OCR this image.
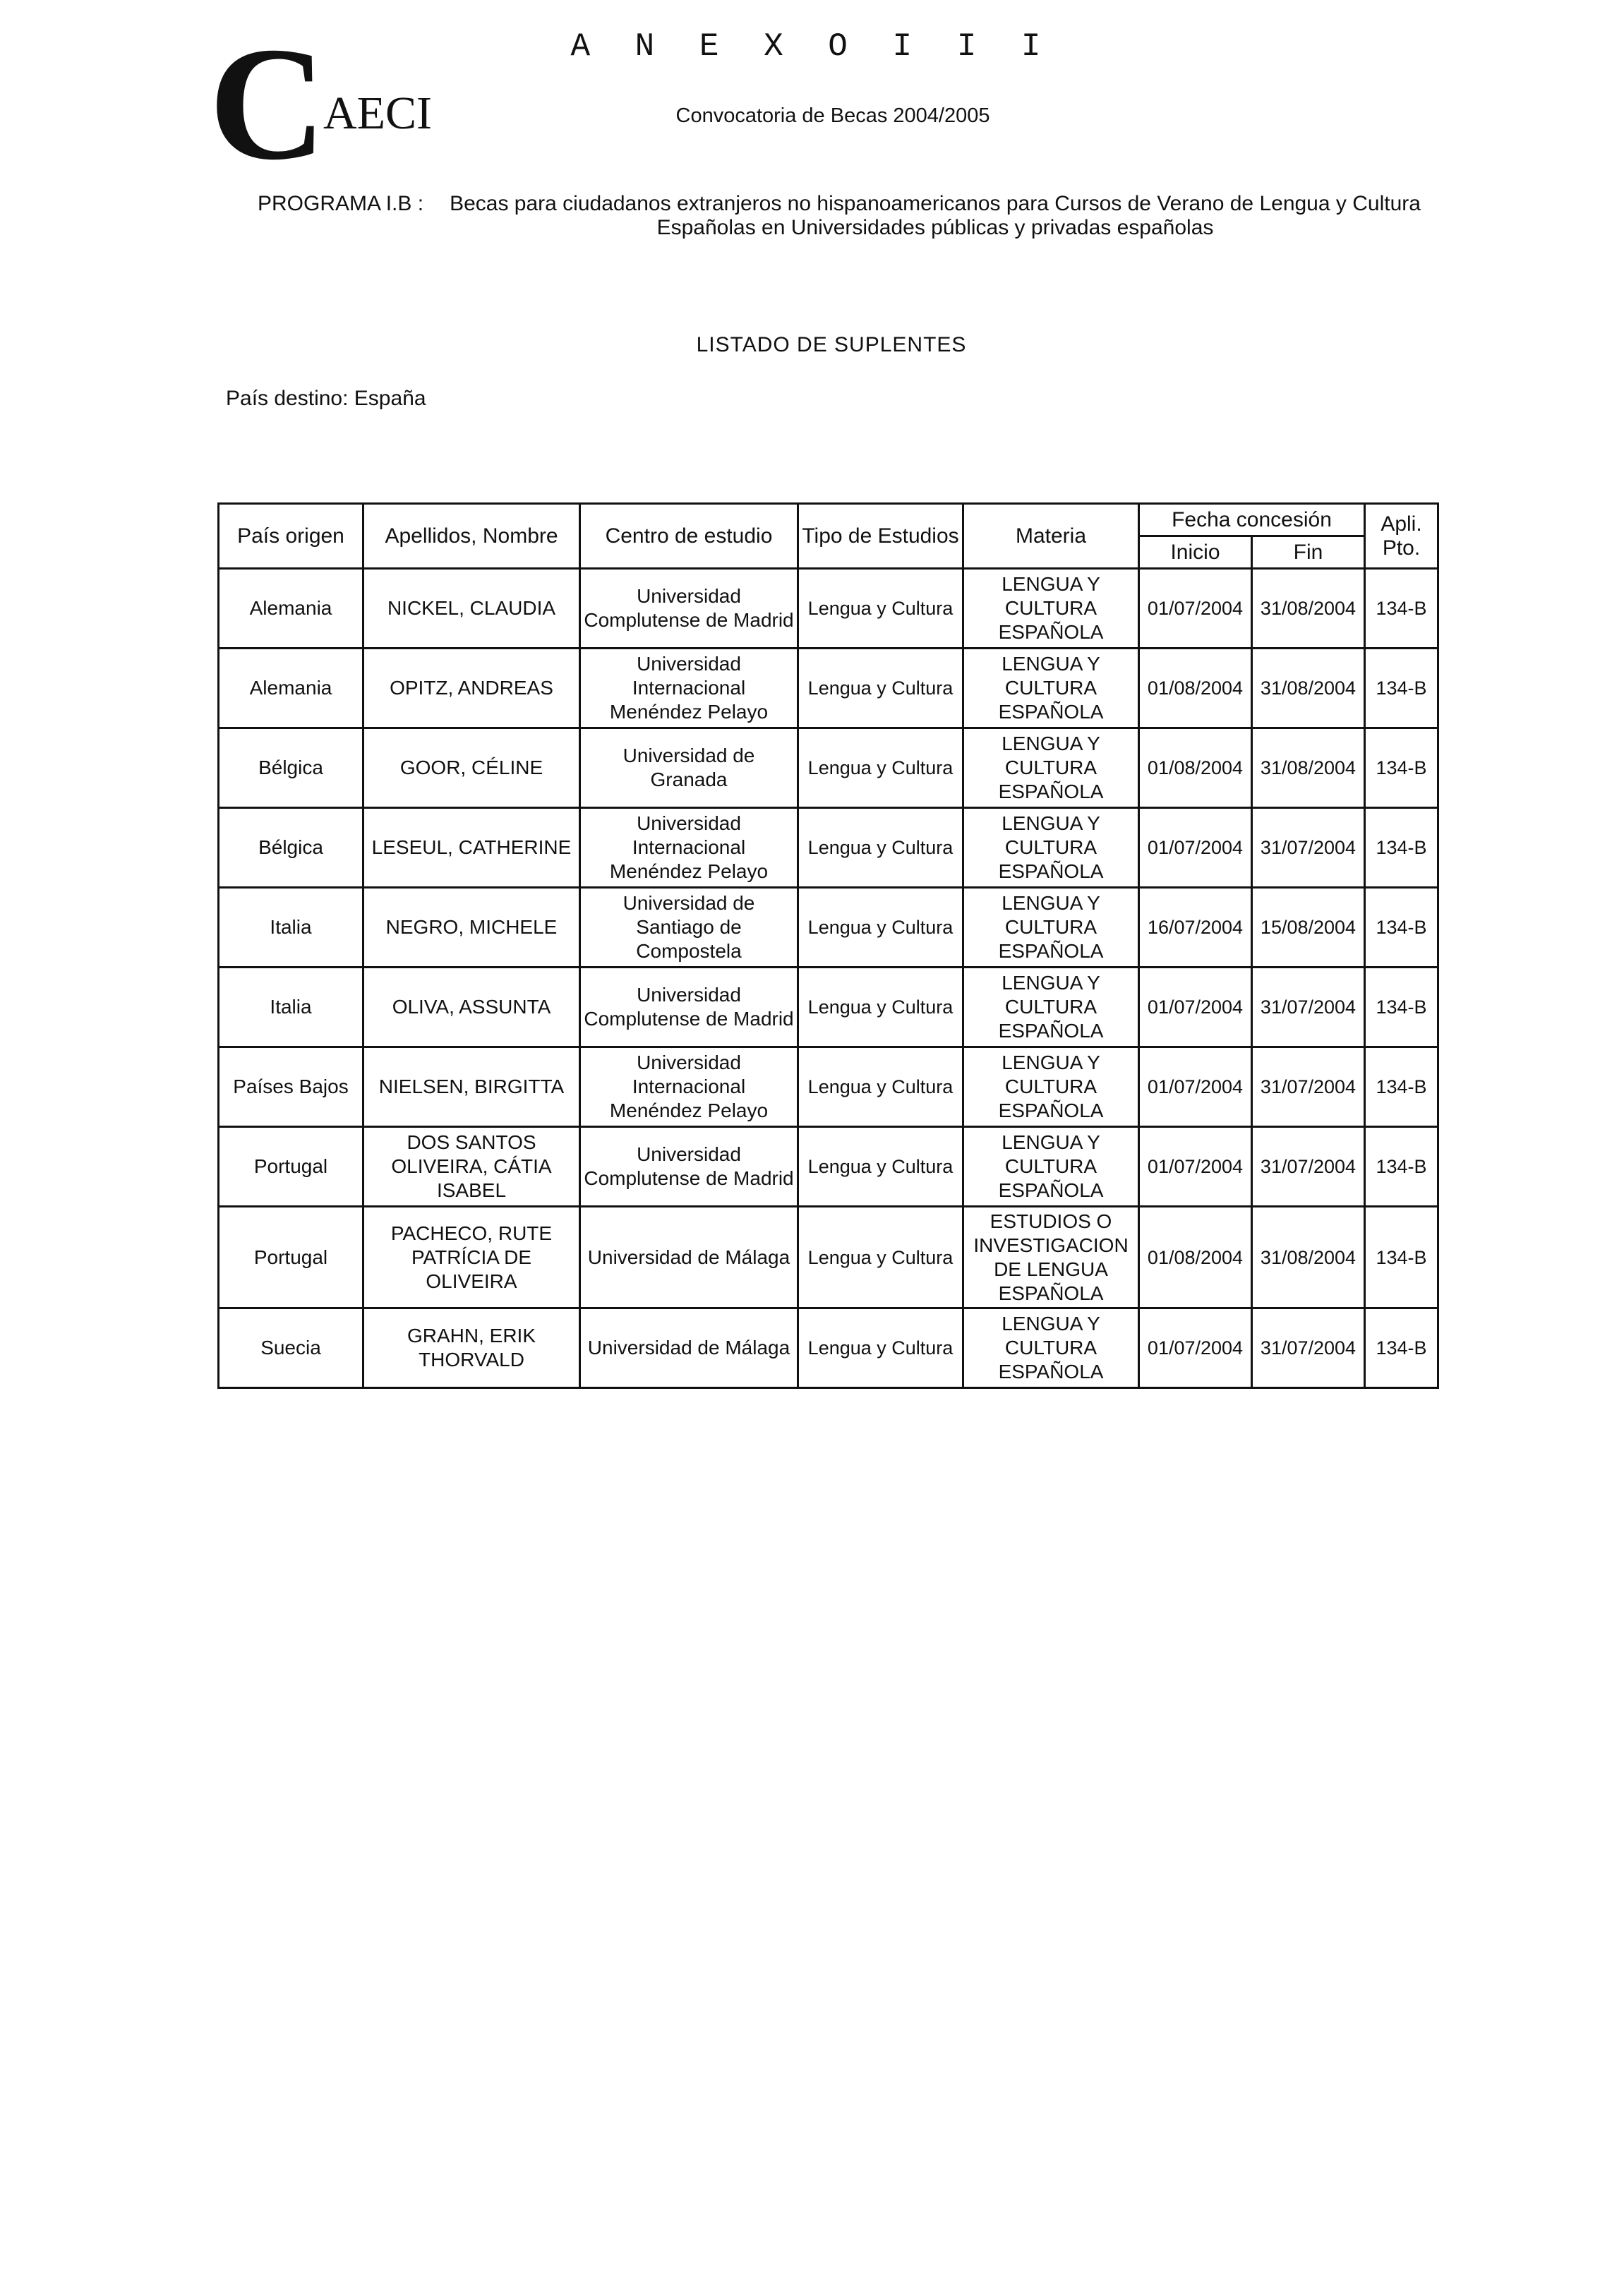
A N E X O I I I
C
AECI	Convocatoria de Becas 2004/2005
PROGRAMA I.B : Becas para ciudadanos extranjeros no hispanoamericanos para Cursos de Verano de Lengua y Cultura Españolas en Universidades públicas y privadas españolas
LISTADO DE SUPLENTES
País destino: España
País origen	Apellidos, Nombre	Centro de estudio	Tipo de Estudios	Materia	Fecha concesión		Apli. Pto.
					Inicio	Fin	
Alemania	NICKEL, CLAUDIA	Universidad Complutense de Madrid	Lengua y Cultura	LENGUA Y CULTURA ESPAÑOLA	01/07/2004	31/08/2004	134-B
Alemania	OPITZ, ANDREAS	Universidad Internacional Menéndez Pelayo	Lengua y Cultura	LENGUA Y CULTURA ESPAÑOLA	01/08/2004	31/08/2004	134-B
Bélgica	GOOR, CÉLINE	Universidad de Granada	Lengua y Cultura	LENGUA Y CULTURA ESPAÑOLA	01/08/2004	31/08/2004	134-B
Bélgica	LESEUL, CATHERINE	Universidad Internacional Menéndez Pelayo	Lengua y Cultura	LENGUA Y CULTURA ESPAÑOLA	01/07/2004	31/07/2004	134-B
Italia	NEGRO, MICHELE	Universidad de Santiago de Compostela	Lengua y Cultura	LENGUA Y CULTURA ESPAÑOLA	16/07/2004	15/08/2004	134-B
Italia	OLIVA, ASSUNTA	Universidad Complutense de Madrid	Lengua y Cultura	LENGUA Y CULTURA ESPAÑOLA	01/07/2004	31/07/2004	134-B
Países Bajos	NIELSEN, BIRGITTA	Universidad Internacional Menéndez Pelayo	Lengua y Cultura	LENGUA Y CULTURA ESPAÑOLA	01/07/2004	31/07/2004	134-B
Portugal	DOS SANTOS OLIVEIRA, CÁTIA ISABEL	Universidad Complutense de Madrid	Lengua y Cultura	LENGUA Y CULTURA ESPAÑOLA	01/07/2004	31/07/2004	134-B
Portugal	PACHECO, RUTE PATRÍCIA DE OLIVEIRA	Universidad de Málaga	Lengua y Cultura	ESTUDIOS O INVESTIGACION DE LENGUA ESPAÑOLA	01/08/2004	31/08/2004	134-B
Suecia	GRAHN, ERIK THORVALD	Universidad de Málaga	Lengua y Cultura	LENGUA Y CULTURA ESPAÑOLA	01/07/2004	31/07/2004	134-B
